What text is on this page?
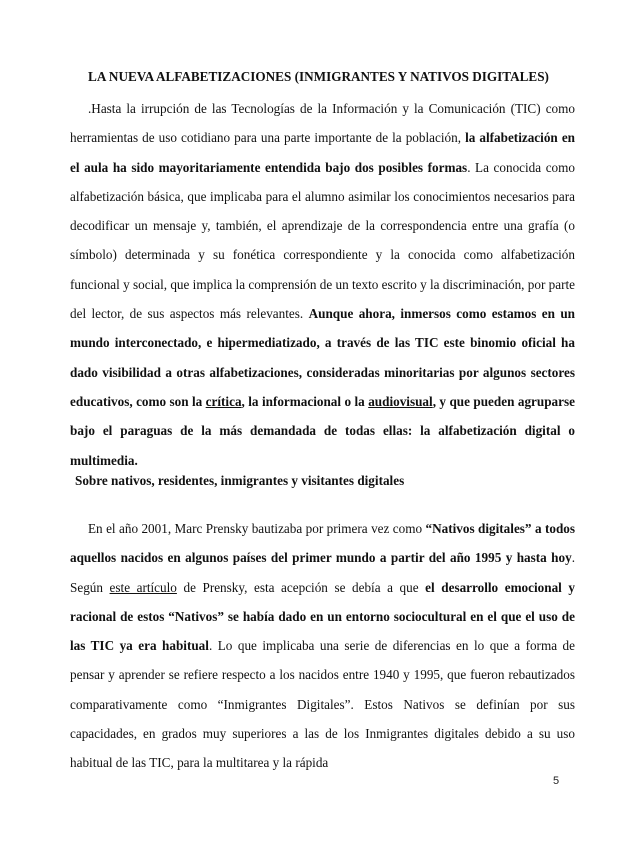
LA NUEVA ALFABETIZACIONES (INMIGRANTES Y NATIVOS DIGITALES)

.Hasta la irrupción de las Tecnologías de la Información y la Comunicación (TIC) como herramientas de uso cotidiano para una parte importante de la población, la alfabetización en el aula ha sido mayoritariamente entendida bajo dos posibles formas. La conocida como alfabetización básica, que implicaba para el alumno asimilar los conocimientos necesarios para decodificar un mensaje y, también, el aprendizaje de la correspondencia entre una grafía (o símbolo) determinada y su fonética correspondiente y la conocida como alfabetización funcional y social, que implica la comprensión de un texto escrito y la discriminación, por parte del lector, de sus aspectos más relevantes. Aunque ahora, inmersos como estamos en un mundo interconectado, e hipermediatizado, a través de las TIC este binomio oficial ha dado visibilidad a otras alfabetizaciones, consideradas minoritarias por algunos sectores educativos, como son la crítica, la informacional o la audiovisual, y que pueden agruparse bajo el paraguas de la más demandada de todas ellas: la alfabetización digital o multimedia.

Sobre nativos, residentes, inmigrantes y visitantes digitales

En el año 2001, Marc Prensky bautizaba por primera vez como “Nativos digitales” a todos aquellos nacidos en algunos países del primer mundo a partir del año 1995 y hasta hoy. Según este artículo de Prensky, esta acepción se debía a que el desarrollo emocional y racional de estos “Nativos” se había dado en un entorno sociocultural en el que el uso de las TIC ya era habitual. Lo que implicaba una serie de diferencias en lo que a forma de pensar y aprender se refiere respecto a los nacidos entre 1940 y 1995, que fueron rebautizados comparativamente como “Inmigrantes Digitales”. Estos Nativos se definían por sus capacidades, en grados muy superiores a las de los Inmigrantes digitales debido a su uso habitual de las TIC, para la multitarea y la rápida

5
